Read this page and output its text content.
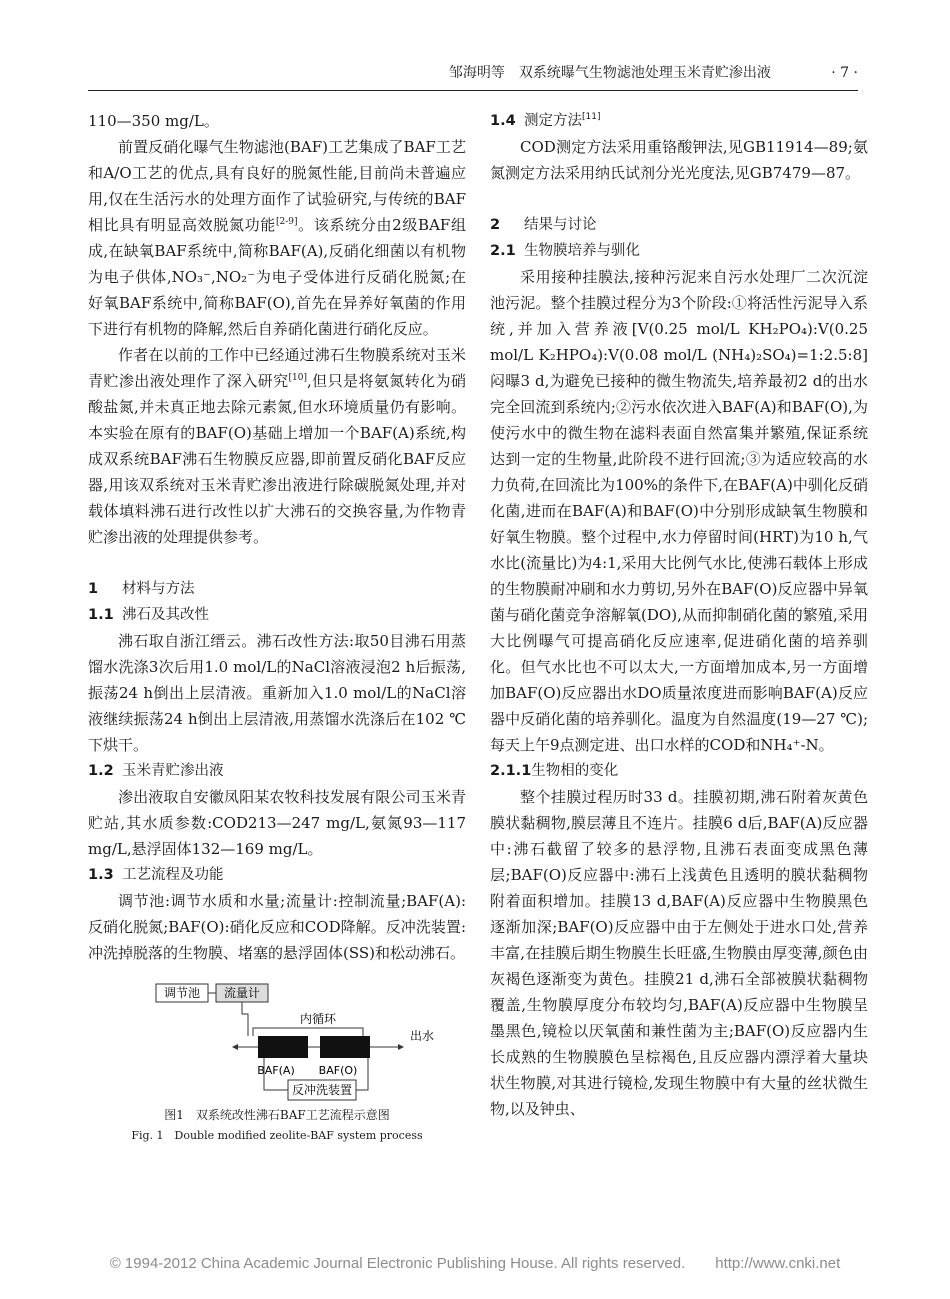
邹海明等　双系统曝气生物滤池处理玉米青贮渗出液	· 7 ·

110—350 mg/L。

前置反硝化曝气生物滤池(BAF)工艺集成了BAF工艺和A/O工艺的优点,具有良好的脱氮性能,目前尚未普遍应用,仅在生活污水的处理方面作了试验研究,与传统的BAF相比具有明显高效脱氮功能[2-9]。该系统分由2级BAF组成,在缺氧BAF系统中,简称BAF(A),反硝化细菌以有机物为电子供体,NO₃⁻,NO₂⁻为电子受体进行反硝化脱氮;在好氧BAF系统中,简称BAF(O),首先在异养好氧菌的作用下进行有机物的降解,然后自养硝化菌进行硝化反应。

作者在以前的工作中已经通过沸石生物膜系统对玉米青贮渗出液处理作了深入研究[10],但只是将氨氮转化为硝酸盐氮,并未真正地去除元素氮,但水环境质量仍有影响。本实验在原有的BAF(O)基础上增加一个BAF(A)系统,构成双系统BAF沸石生物膜反应器,即前置反硝化BAF反应器,用该双系统对玉米青贮渗出液进行除碳脱氮处理,并对载体填料沸石进行改性以扩大沸石的交换容量,为作物青贮渗出液的处理提供参考。

1 材料与方法

1.1 沸石及其改性

沸石取自浙江缙云。沸石改性方法:取50目沸石用蒸馏水洗涤3次后用1.0 mol/L的NaCl溶液浸泡2 h后振荡,振荡24 h倒出上层清液。重新加入1.0 mol/L的NaCl溶液继续振荡24 h倒出上层清液,用蒸馏水洗涤后在102 ℃下烘干。

1.2 玉米青贮渗出液

渗出液取自安徽凤阳某农牧科技发展有限公司玉米青贮站,其水质参数:COD213—247 mg/L,氨氮93—117 mg/L,悬浮固体132—169 mg/L。

1.3 工艺流程及功能

调节池:调节水质和水量;流量计:控制流量;BAF(A):反硝化脱氮;BAF(O):硝化反应和COD降解。反冲洗装置:冲洗掉脱落的生物膜、堵塞的悬浮固体(SS)和松动沸石。

调节池 流量计
内循环
出水
BAF(A) BAF(O)
反冲洗装置
图1　双系统改性沸石BAF工艺流程示意图
Fig. 1　Double modified zeolite-BAF system process

1.4 测定方法[11]

COD测定方法采用重铬酸钾法,见GB11914—89;氨氮测定方法采用纳氏试剂分光光度法,见GB7479—87。

2 结果与讨论

2.1 生物膜培养与驯化

采用接种挂膜法,接种污泥来自污水处理厂二次沉淀池污泥。整个挂膜过程分为3个阶段:①将活性污泥导入系统,并加入营养液[V(0.25 mol/L KH₂PO₄):V(0.25 mol/L K₂HPO₄):V(0.08 mol/L (NH₄)₂SO₄)=1:2.5:8]闷曝3 d,为避免已接种的微生物流失,培养最初2 d的出水完全回流到系统内;②污水依次进入BAF(A)和BAF(O),为使污水中的微生物在滤料表面自然富集并繁殖,保证系统达到一定的生物量,此阶段不进行回流;③为适应较高的水力负荷,在回流比为100%的条件下,在BAF(A)中驯化反硝化菌,进而在BAF(A)和BAF(O)中分别形成缺氧生物膜和好氧生物膜。整个过程中,水力停留时间(HRT)为10 h,气水比(流量比)为4:1,采用大比例气水比,使沸石载体上形成的生物膜耐冲刷和水力剪切,另外在BAF(O)反应器中异氧菌与硝化菌竞争溶解氧(DO),从而抑制硝化菌的繁殖,采用大比例曝气可提高硝化反应速率,促进硝化菌的培养驯化。但气水比也不可以太大,一方面增加成本,另一方面增加BAF(O)反应器出水DO质量浓度进而影响BAF(A)反应器中反硝化菌的培养驯化。温度为自然温度(19—27 ℃);每天上午9点测定进、出口水样的COD和NH₄⁺-N。

2.1.1生物相的变化

整个挂膜过程历时33 d。挂膜初期,沸石附着灰黄色膜状黏稠物,膜层薄且不连片。挂膜6 d后,BAF(A)反应器中:沸石截留了较多的悬浮物,且沸石表面变成黑色薄层;BAF(O)反应器中:沸石上浅黄色且透明的膜状黏稠物附着面积增加。挂膜13 d,BAF(A)反应器中生物膜黑色逐渐加深;BAF(O)反应器中由于左侧处于进水口处,营养丰富,在挂膜后期生物膜生长旺盛,生物膜由厚变薄,颜色由灰褐色逐渐变为黄色。挂膜21 d,沸石全部被膜状黏稠物覆盖,生物膜厚度分布较均匀,BAF(A)反应器中生物膜呈墨黑色,镜检以厌氧菌和兼性菌为主;BAF(O)反应器内生长成熟的生物膜膜色呈棕褐色,且反应器内漂浮着大量块状生物膜,对其进行镜检,发现生物膜中有大量的丝状微生物,以及钟虫、

© 1994-2012 China Academic Journal Electronic Publishing House. All rights reserved.　　http://www.cnki.net
